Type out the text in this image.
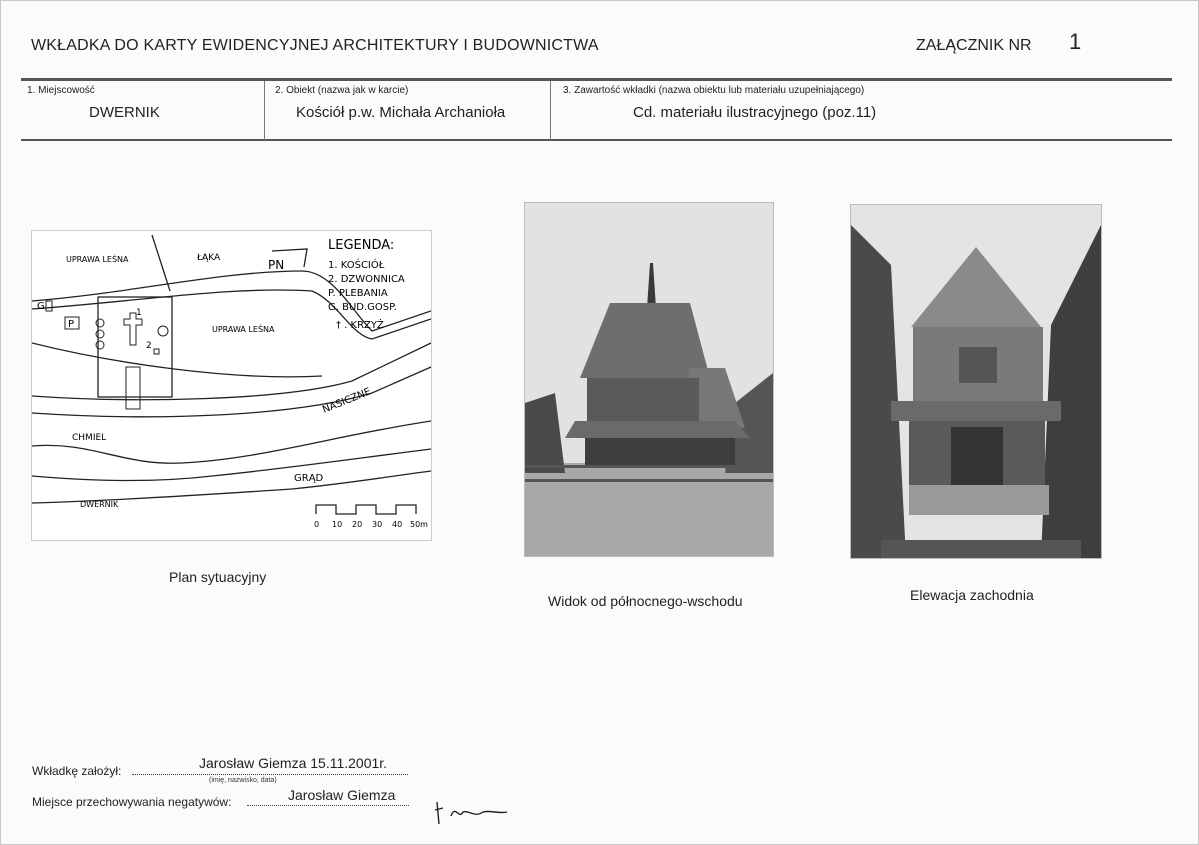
WKŁADKA DO KARTY EWIDENCYJNEJ ARCHITEKTURY I BUDOWNICTWA	ZAŁĄCZNIK NR 1
1. Miejscowość
DWERNIK
2. Obiekt (nazwa jak w karcie)
Kościół p.w. Michała Archanioła
3. Zawartość wkładki (nazwa obiektu lub materiału uzupełniającego)
Cd. materiału ilustracyjnego (poz.11)
UPRAWA LEŚNA	ŁĄKA	PN
G
P
1
2
UPRAWA LEŚNA
NASICZNE
CHMIEL
GRĄD
DWERNIK
LEGENDA:
1. KOŚCIÓŁ
2. DZWONNICA
P. PLEBANIA
G. BUD.GOSP.
† . KRZYŻ
0 10 20 30 40 50m
Plan sytuacyjny
Widok od północnego-wschodu	Elewacja zachodnia
Wkładkę założył:	Jarosław Giemza 15.11.2001r.
(imię, nazwisko, data)
Miejsce przechowywania negatywów:	Jarosław Giemza
